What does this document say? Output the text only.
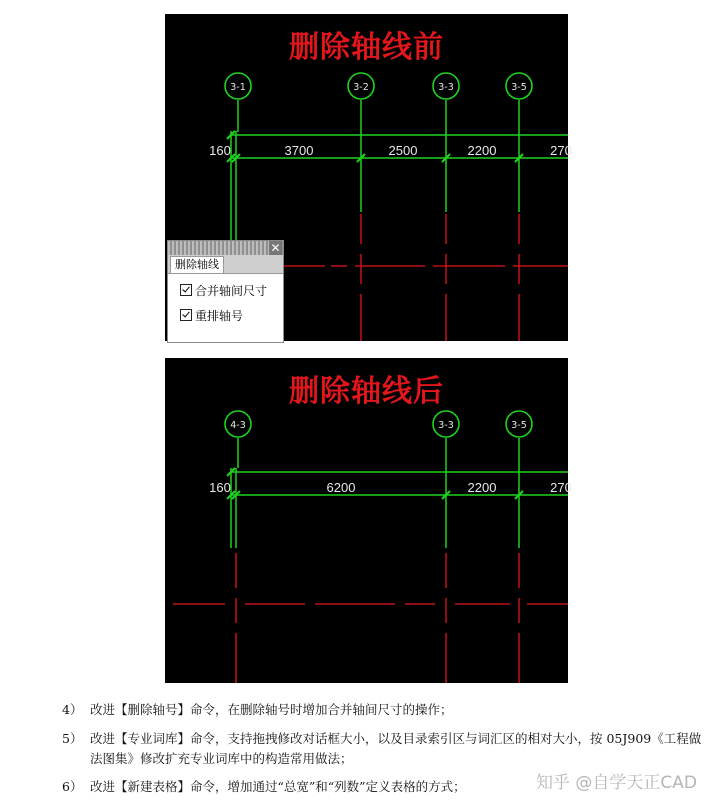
3-1	3-2	3-3	3-5
160	3700	2500	2200	270
删除轴线前
✕
删除轴线
合并轴间尺寸
重排轴号
4-3	3-3	3-5
160	6200	2200	270
删除轴线后
4） 改进【删除轴号】命令，在删除轴号时增加合并轴间尺寸的操作；
5） 改进【专业词库】命令，支持拖拽修改对话框大小，以及目录索引区与词汇区的相对大小，按 05J909《工程做法图集》修改扩充专业词库中的构造常用做法；
6） 改进【新建表格】命令，增加通过“总宽”和“列数”定义表格的方式；	知乎 @自学天正CAD
